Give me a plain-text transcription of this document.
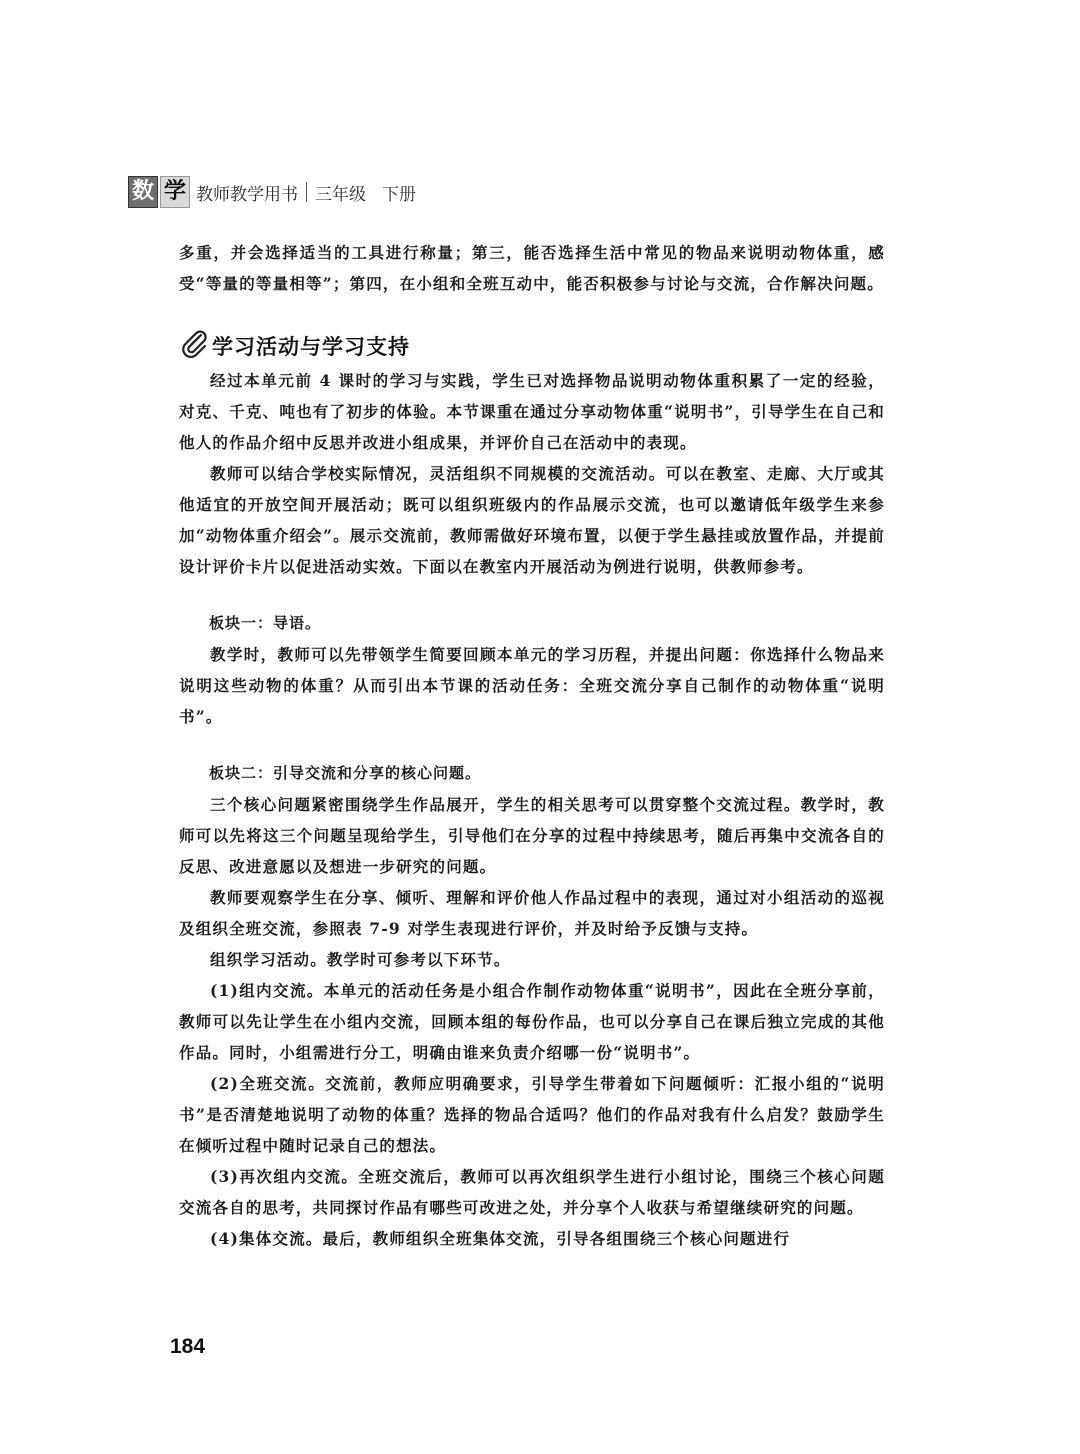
数 学 教师教学用书 三年级 下册

多重，并会选择适当的工具进行称量；第三，能否选择生活中常见的物品来说明动物体重，感受“等量的等量相等”；第四，在小组和全班互动中，能否积极参与讨论与交流，合作解决问题。

学习活动与学习支持

经过本单元前 4 课时的学习与实践，学生已对选择物品说明动物体重积累了一定的经验，对克、千克、吨也有了初步的体验。本节课重在通过分享动物体重“说明书”，引导学生在自己和他人的作品介绍中反思并改进小组成果，并评价自己在活动中的表现。

教师可以结合学校实际情况，灵活组织不同规模的交流活动。可以在教室、走廊、大厅或其他适宜的开放空间开展活动；既可以组织班级内的作品展示交流，也可以邀请低年级学生来参加“动物体重介绍会”。展示交流前，教师需做好环境布置，以便于学生悬挂或放置作品，并提前设计评价卡片以促进活动实效。下面以在教室内开展活动为例进行说明，供教师参考。

板块一：导语。

教学时，教师可以先带领学生简要回顾本单元的学习历程，并提出问题：你选择什么物品来说明这些动物的体重？从而引出本节课的活动任务：全班交流分享自己制作的动物体重“说明书”。

板块二：引导交流和分享的核心问题。

三个核心问题紧密围绕学生作品展开，学生的相关思考可以贯穿整个交流过程。教学时，教师可以先将这三个问题呈现给学生，引导他们在分享的过程中持续思考，随后再集中交流各自的反思、改进意愿以及想进一步研究的问题。

教师要观察学生在分享、倾听、理解和评价他人作品过程中的表现，通过对小组活动的巡视及组织全班交流，参照表 7-9 对学生表现进行评价，并及时给予反馈与支持。

组织学习活动。教学时可参考以下环节。

(1)组内交流。本单元的活动任务是小组合作制作动物体重“说明书”，因此在全班分享前，教师可以先让学生在小组内交流，回顾本组的每份作品，也可以分享自己在课后独立完成的其他作品。同时，小组需进行分工，明确由谁来负责介绍哪一份“说明书”。

(2)全班交流。交流前，教师应明确要求，引导学生带着如下问题倾听：汇报小组的“说明书”是否清楚地说明了动物的体重？选择的物品合适吗？他们的作品对我有什么启发？鼓励学生在倾听过程中随时记录自己的想法。

(3)再次组内交流。全班交流后，教师可以再次组织学生进行小组讨论，围绕三个核心问题交流各自的思考，共同探讨作品有哪些可改进之处，并分享个人收获与希望继续研究的问题。

(4)集体交流。最后，教师组织全班集体交流，引导各组围绕三个核心问题进行

184
